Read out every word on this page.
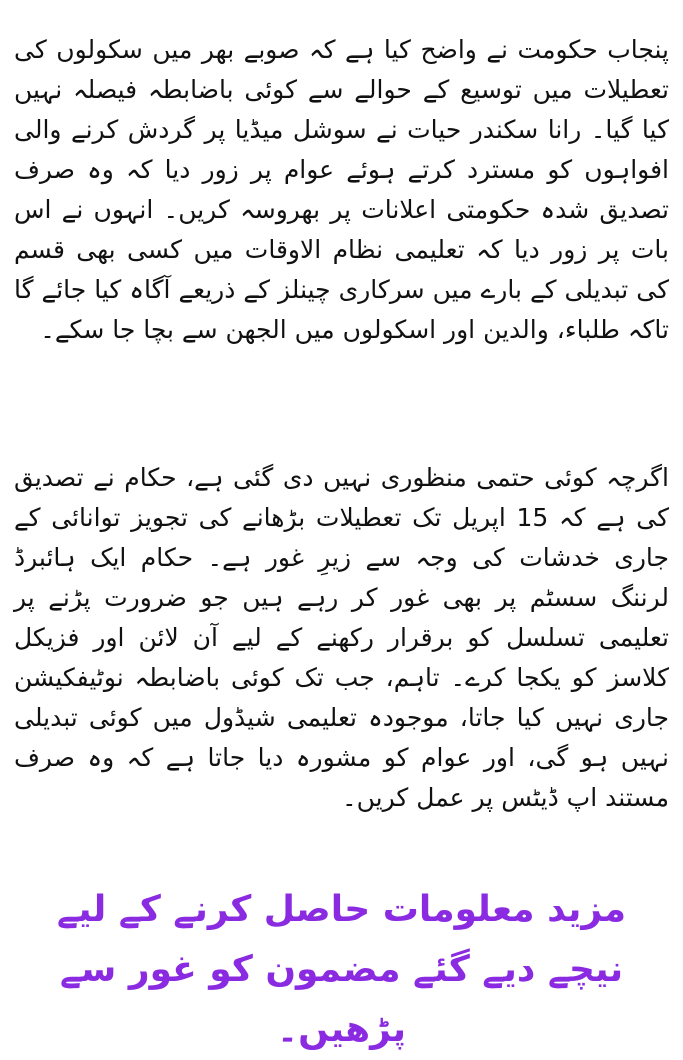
پنجاب حکومت نے واضح کیا ہے کہ صوبے بھر میں سکولوں کی تعطیلات میں توسیع کے حوالے سے کوئی باضابطہ فیصلہ نہیں کیا گیا۔ رانا سکندر حیات نے سوشل میڈیا پر گردش کرنے والی افواہوں کو مسترد کرتے ہوئے عوام پر زور دیا کہ وہ صرف تصدیق شدہ حکومتی اعلانات پر بھروسہ کریں۔ انہوں نے اس بات پر زور دیا کہ تعلیمی نظام الاوقات میں کسی بھی قسم کی تبدیلی کے بارے میں سرکاری چینلز کے ذریعے آگاہ کیا جائے گا تاکہ طلباء، والدین اور اسکولوں میں الجھن سے بچا جا سکے۔

اگرچہ کوئی حتمی منظوری نہیں دی گئی ہے، حکام نے تصدیق کی ہے کہ 15 اپریل تک تعطیلات بڑھانے کی تجویز توانائی کے جاری خدشات کی وجہ سے زیرِ غور ہے۔ حکام ایک ہائبرڈ لرننگ سسٹم پر بھی غور کر رہے ہیں جو ضرورت پڑنے پر تعلیمی تسلسل کو برقرار رکھنے کے لیے آن لائن اور فزیکل کلاسز کو یکجا کرے۔ تاہم، جب تک کوئی باضابطہ نوٹیفکیشن جاری نہیں کیا جاتا، موجودہ تعلیمی شیڈول میں کوئی تبدیلی نہیں ہو گی، اور عوام کو مشورہ دیا جاتا ہے کہ وہ صرف مستند اپ ڈیٹس پر عمل کریں۔

مزید معلومات حاصل کرنے کے لیے نیچے دیے گئے مضمون کو غور سے پڑھیں۔
